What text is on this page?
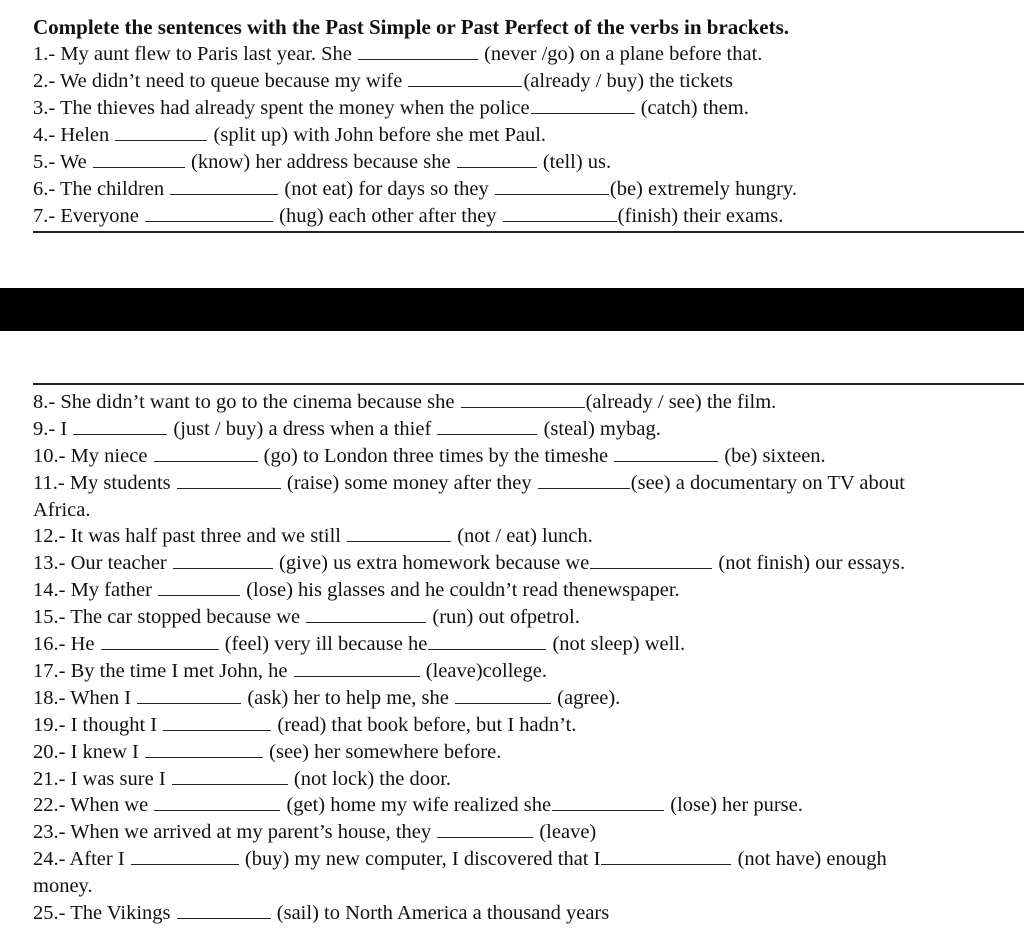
Complete the sentences with the Past Simple or Past Perfect of the verbs in brackets.
1.- My aunt flew to Paris last year. She	(never /go) on a plane before that.
2.- We didn’t need to queue because my wife	(already / buy) the tickets
3.- The thieves had already spent the money when the police	(catch) them.
4.- Helen	(split up) with John before she met Paul.
5.- We	(know) her address because she	(tell) us.
6.- The children	(not eat) for days so they	(be) extremely hungry.
7.- Everyone	(hug) each other after they	(finish) their exams.
8.- She didn’t want to go to the cinema because she	(already / see) the film.
9.- I	(just / buy) a dress when a thief	(steal) mybag.
10.- My niece	(go) to London three times by the timeshe	(be) sixteen.
11.- My students	(raise) some money after they	(see) a documentary on TV about
Africa.
12.- It was half past three and we still	(not / eat) lunch.
13.- Our teacher	(give) us extra homework because we	(not finish) our essays.
14.- My father	(lose) his glasses and he couldn’t read thenewspaper.
15.- The car stopped because we	(run) out ofpetrol.
16.- He	(feel) very ill because he	(not sleep) well.
17.- By the time I met John, he	(leave)college.
18.- When I	(ask) her to help me, she	(agree).
19.- I thought I	(read) that book before, but I hadn’t.
20.- I knew I	(see) her somewhere before.
21.- I was sure I	(not lock) the door.
22.- When we	(get) home my wife realized she	(lose) her purse.
23.- When we arrived at my parent’s house, they	(leave)
24.- After I	(buy) my new computer, I discovered that I	(not have) enough
money.
25.- The Vikings	(sail) to North America a thousand years
